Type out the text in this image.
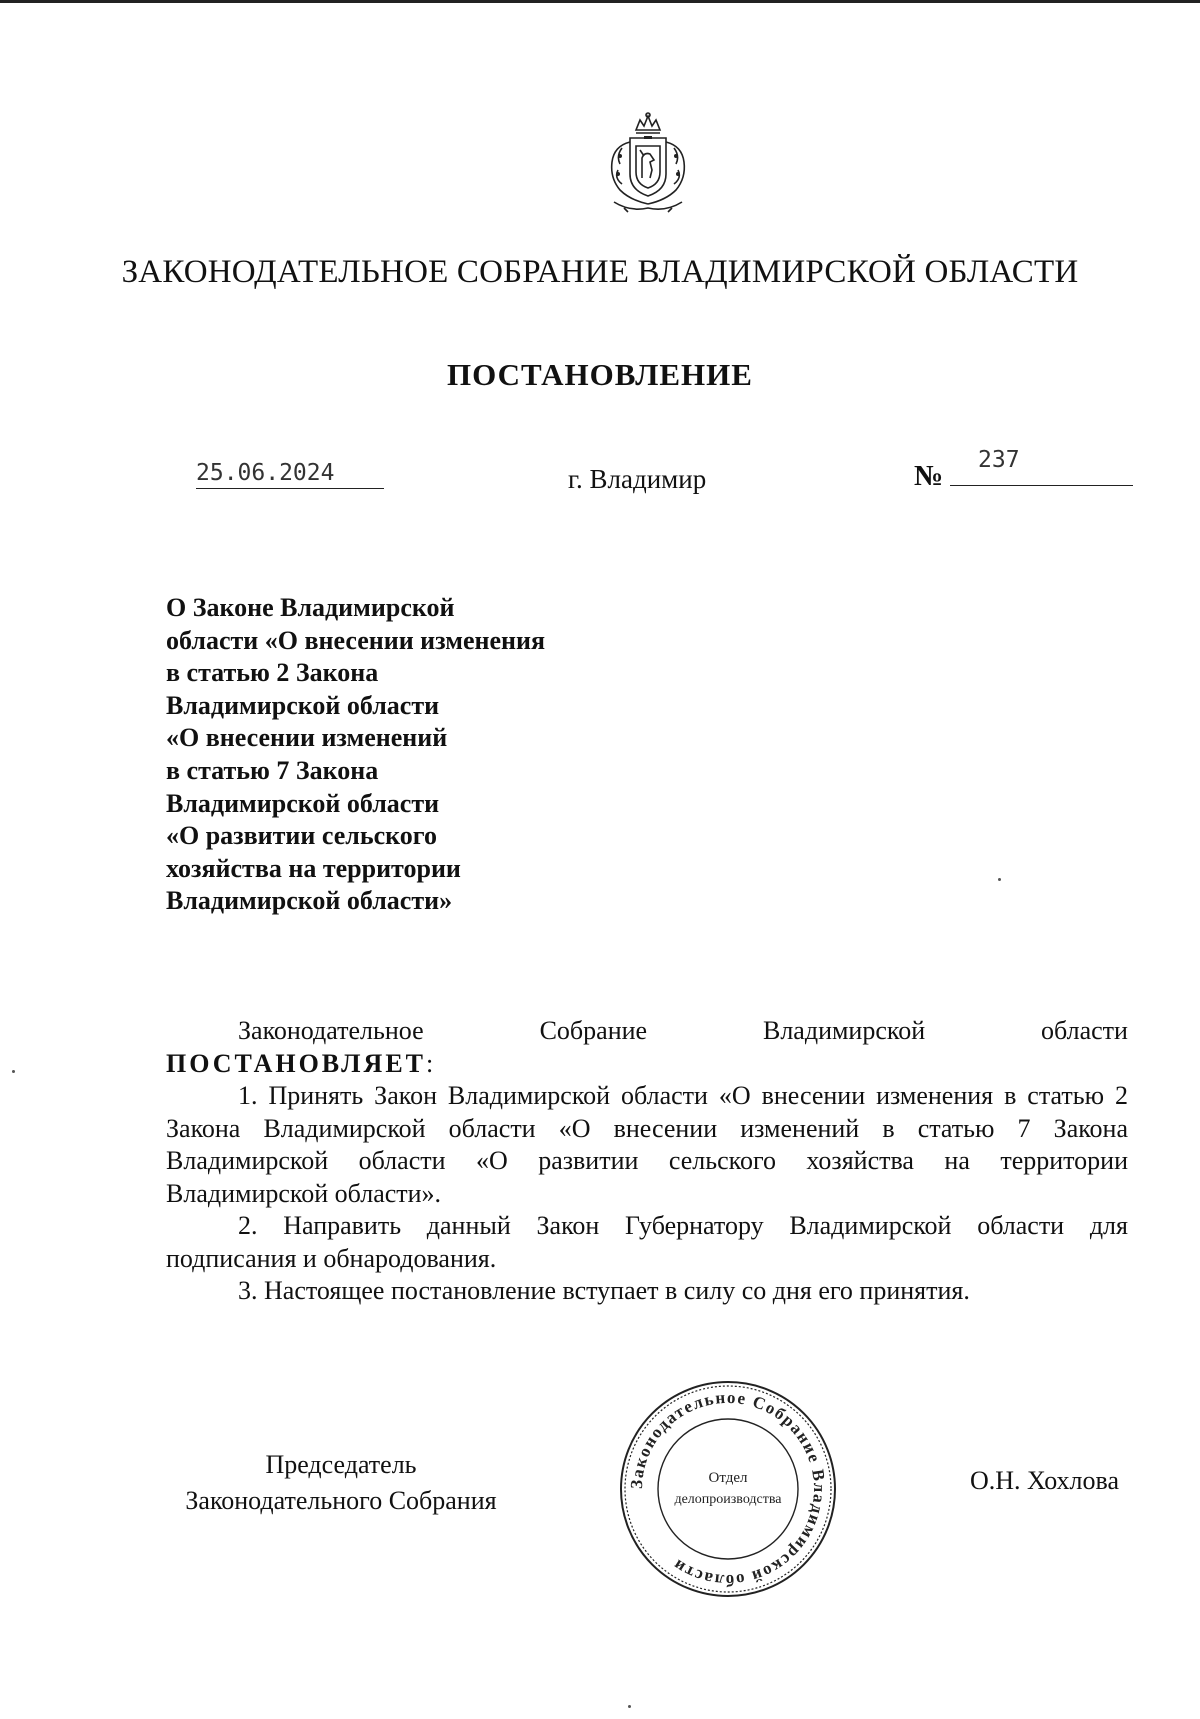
ЗАКОНОДАТЕЛЬНОЕ СОБРАНИЕ ВЛАДИМИРСКОЙ ОБЛАСТИ
ПОСТАНОВЛЕНИЕ
25.06.2024	г. Владимир	№ 237
О Законе Владимирской
области «О внесении изменения
в статью 2 Закона
Владимирской области
«О внесении изменений
в статью 7 Закона
Владимирской области
«О развитии сельского
хозяйства на территории
Владимирской области»
Законодательное	Собрание	Владимирской	области
ПОСТАНОВЛЯЕТ:

1. Принять Закон Владимирской области «О внесении изменения в статью 2 Закона Владимирской области «О внесении изменений в статью 7 Закона Владимирской области «О развитии сельского хозяйства на территории Владимирской области».

2. Направить данный Закон Губернатору Владимирской области для подписания и обнародования.

3. Настоящее постановление вступает в силу со дня его принятия.

Председатель
Законодательного Собрания
Законодательное Собрание Владимирской области
Отдел
делопроизводства
О.Н. Хохлова
